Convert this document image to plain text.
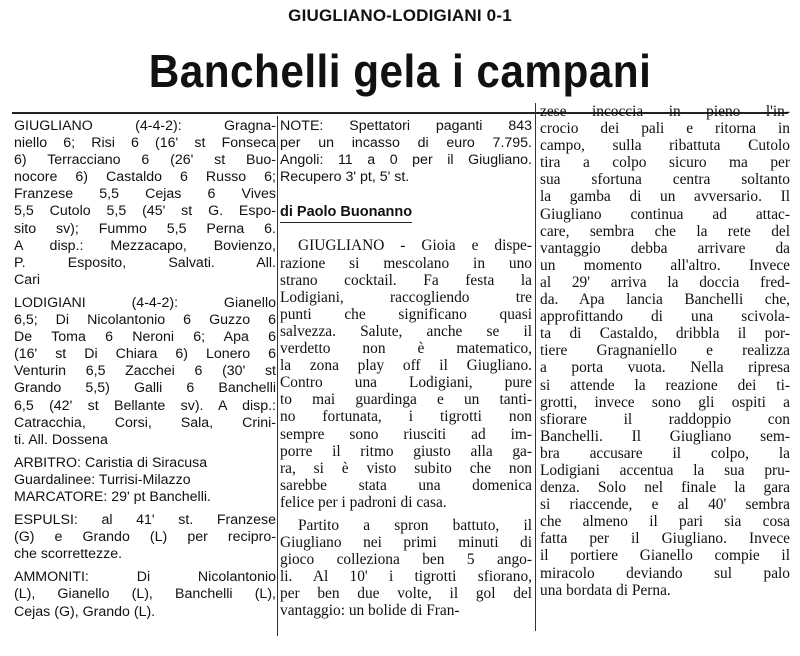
GIUGLIANO-LODIGIANI 0-1
Banchelli gela i campani
GIUGLIANO (4-4-2): Gragna-
niello 6; Risi 6 (16' st Fonseca
6) Terracciano 6 (26' st Buo-
nocore 6) Castaldo 6 Russo 6;
Franzese 5,5 Cejas 6 Vives
5,5 Cutolo 5,5 (45' st G. Espo-
sito sv); Fummo 5,5 Perna 6.
A disp.: Mezzacapo, Bovienzo,
P. Esposito, Salvati. All.
Cari
LODIGIANI (4-4-2): Gianello
6,5; Di Nicolantonio 6 Guzzo 6
De Toma 6 Neroni 6; Apa 6
(16' st Di Chiara 6) Lonero 6
Venturin 6,5 Zacchei 6 (30' st
Grando 5,5) Galli 6 Banchelli
6,5 (42' st Bellante sv). A disp.:
Catracchia, Corsi, Sala, Crini-
ti. All. Dossena
ARBITRO: Caristia di Siracusa
Guardalinee: Turrisi-Milazzo
MARCATORE: 29' pt Banchelli.
ESPULSI: al 41' st. Franzese
(G) e Grando (L) per recipro-
che scorrettezze.
AMMONITI: Di Nicolantonio
(L), Gianello (L), Banchelli (L),
Cejas (G), Grando (L).
NOTE: Spettatori paganti 843
per un incasso di euro 7.795.
Angoli: 11 a 0 per il Giugliano.
Recupero 3' pt, 5' st.
di Paolo Buonanno
GIUGLIANO - Gioia e dispe-
razione si mescolano in uno
strano cocktail. Fa festa la
Lodigiani, raccogliendo tre
punti che significano quasi
salvezza. Salute, anche se il
verdetto non è matematico,
la zona play off il Giugliano.
Contro una Lodigiani, pure
to mai guardinga e un tanti-
no fortunata, i tigrotti non
sempre sono riusciti ad im-
porre il ritmo giusto alla ga-
ra, si è visto subito che non
sarebbe stata una domenica
felice per i padroni di casa.
Partito a spron battuto, il
Giugliano nei primi minuti di
gioco colleziona ben 5 ango-
li. Al 10' i tigrotti sfiorano,
per ben due volte, il gol del
vantaggio: un bolide di Fran-
zese incoccia in pieno l'in-
crocio dei pali e ritorna in
campo, sulla ribattuta Cutolo
tira a colpo sicuro ma per
sua sfortuna centra soltanto
la gamba di un avversario. Il
Giugliano continua ad attac-
care, sembra che la rete del
vantaggio debba arrivare da
un momento all'altro. Invece
al 29' arriva la doccia fred-
da. Apa lancia Banchelli che,
approfittando di una scivola-
ta di Castaldo, dribbla il por-
tiere Gragnaniello e realizza
a porta vuota. Nella ripresa
si attende la reazione dei ti-
grotti, invece sono gli ospiti a
sfiorare il raddoppio con
Banchelli. Il Giugliano sem-
bra accusare il colpo, la
Lodigiani accentua la sua pru-
denza. Solo nel finale la gara
si riaccende, e al 40' sembra
che almeno il pari sia cosa
fatta per il Giugliano. Invece
il portiere Gianello compie il
miracolo deviando sul palo
una bordata di Perna.
